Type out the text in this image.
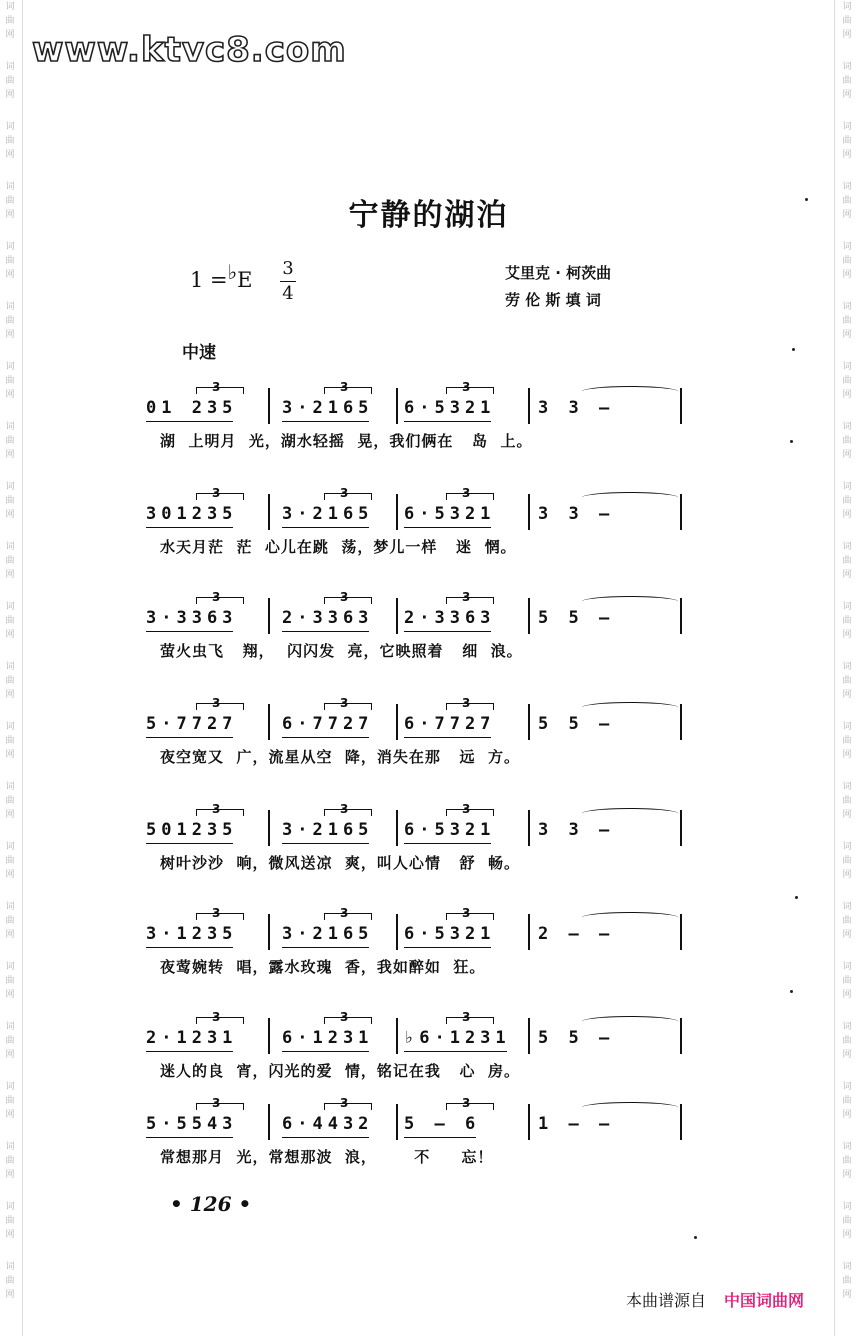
词
曲
网
词
曲
网
词
曲
网
词
曲
网
词
曲
网
词
曲
网
词
曲
网
词
曲
网
词
曲
网
词
曲
网
词
曲
网
词
曲
网
词
曲
网
词
曲
网
词
曲
网
词
曲
网
词
曲
网
词
曲
网
词
曲
网
词
曲
网
词
曲
网
词
曲
网
词
曲
网
词
曲
网
词
曲
网
词
曲
网
词
曲
网
词
曲
网
词
曲
网
词
曲
网
词
曲
网
词
曲
网
词
曲
网
词
曲
网
词
曲
网
词
曲
网
词
曲
网
词
曲
网
词
曲
网
词
曲
网
词
曲
网
词
曲
网
词
曲
网
词
曲
网
www.ktvc8.com
宁静的湖泊
1 =♭E 3
4
艾里克 · 柯茨曲
劳 伦 斯 填 词
中速
01 235
3
3·2165
3
6·5321
3
3 3 —
湖  上明月  光，湖水轻摇  晃，我们俩在   岛  上。
301235
3
3·2165
3
6·5321
3
3 3 —
水天月茫  茫  心儿在跳  荡，梦儿一样   迷  惘。
3·3363
3
2·3363
3
2·3363
3
5 5 —
萤火虫飞   翔，  闪闪发  亮，它映照着   细  浪。
5·7727
3
6·7727
3
6·7727
3
5 5 —
夜空宽又  广，流星从空  降，消失在那   远  方。
501235
3
3·2165
3
6·5321
3
3 3 —
树叶沙沙  响，微风送凉  爽，叫人心情   舒  畅。
3·1235
3
3·2165
3
6·5321
3
2 — —
夜莺婉转  唱，露水玫瑰  香，我如醉如  狂。
2·1231
3
6·1231
3
♭6·1231
3
5 5 —
迷人的良  宵，闪光的爱  情，铭记在我   心  房。
5·5543
3
6·4432
3
5 — 6
3
1 — —
常想那月  光，常想那波  浪，      不     忘！
• 126 •
本曲谱源自 中国词曲网
